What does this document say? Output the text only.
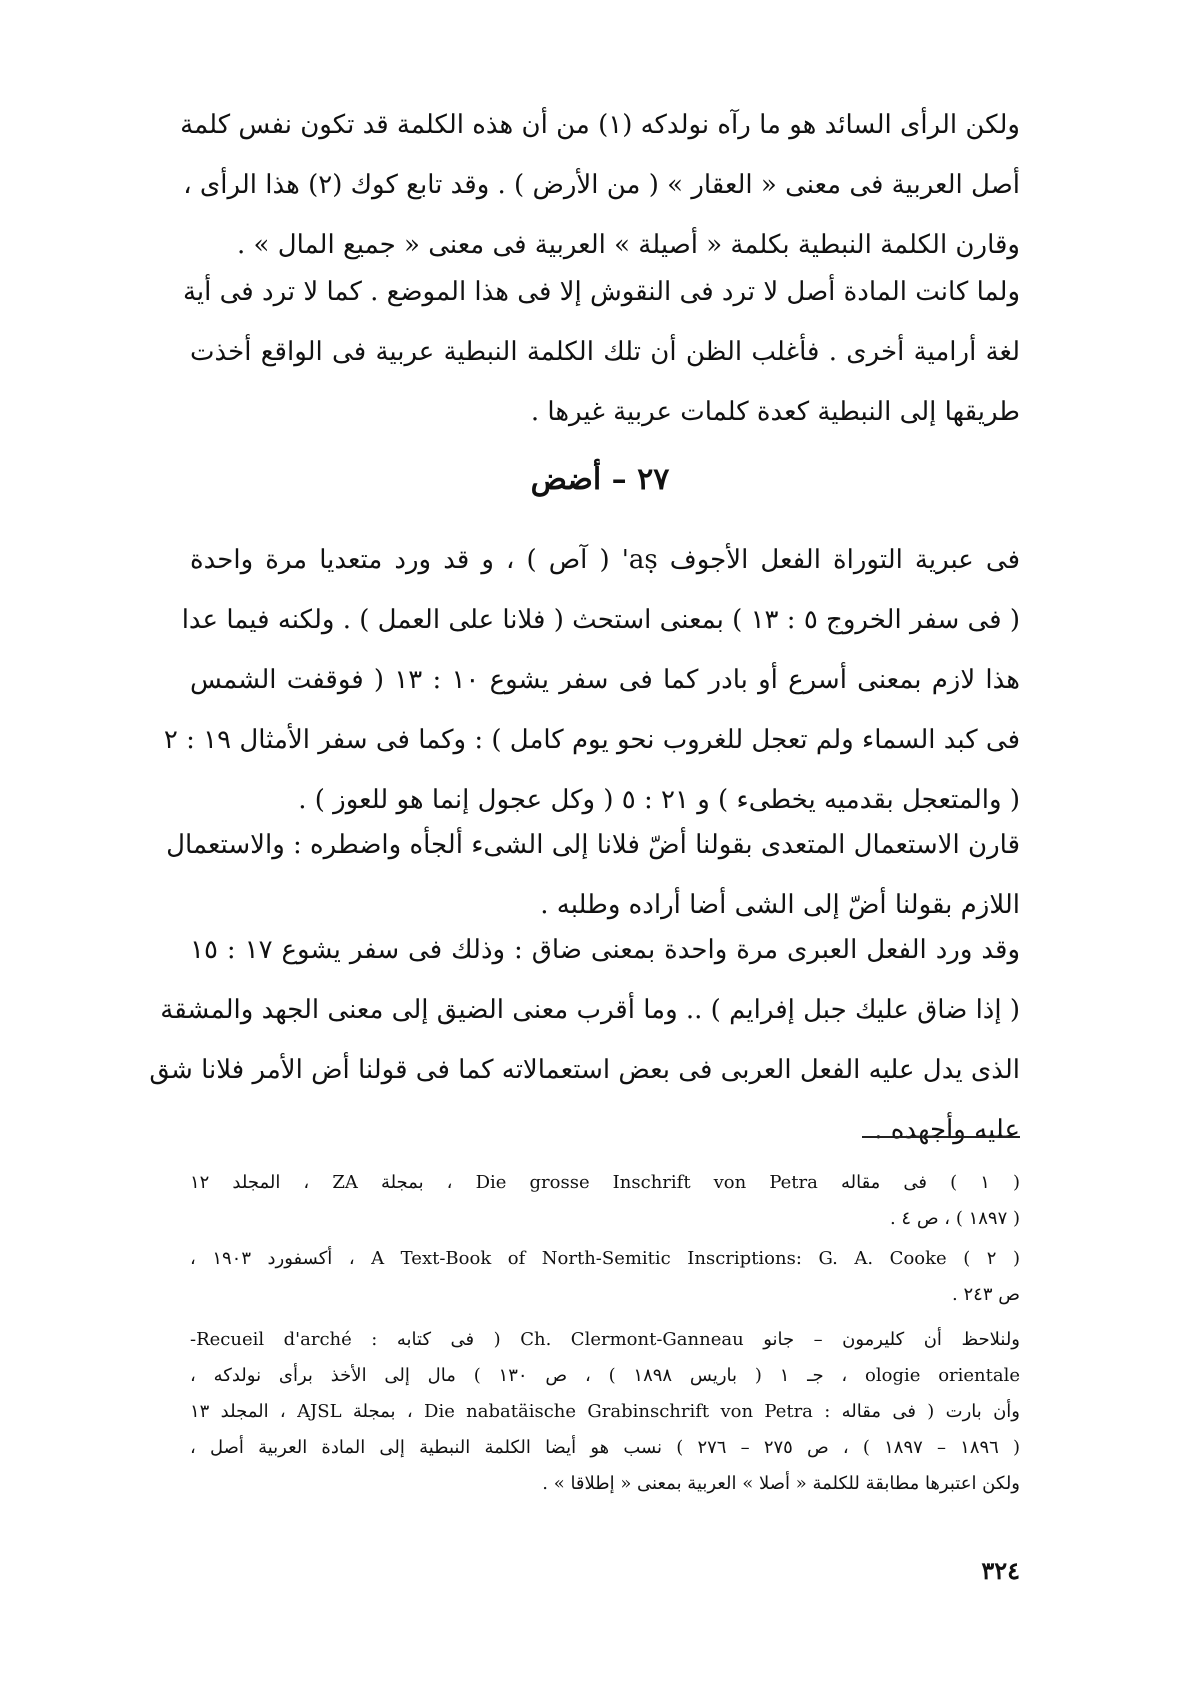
ولكن الرأى السائد هو ما رآه نولدكه (١) من أن هذه الكلمة قد تكون نفس كلمة
أصل العربية فى معنى « العقار » ( من الأرض ) . وقد تابع كوك (٢) هذا الرأى ،
وقارن الكلمة النبطية بكلمة « أصيلة » العربية فى معنى « جميع المال » .
ولما كانت المادة أصل لا ترد فى النقوش إلا فى هذا الموضع . كما لا ترد فى أية
لغة أرامية أخرى . فأغلب الظن أن تلك الكلمة النبطية عربية فى الواقع أخذت
طريقها إلى النبطية كعدة كلمات عربية غيرها .
٢٧ – أضض
فى عبرية التوراة الفعل الأجوف aṣ' ( آص ) ، و قد ورد متعديا مرة واحدة
( فى سفر الخروج ٥ : ١٣ ) بمعنى استحث ( فلانا على العمل ) . ولكنه فيما عدا
هذا لازم بمعنى أسرع أو بادر كما فى سفر يشوع ١٠ : ١٣ ( فوقفت الشمس
فى كبد السماء ولم تعجل للغروب نحو يوم كامل ) : وكما فى سفر الأمثال ١٩ : ٢
( والمتعجل بقدميه يخطىء ) و ٢١ : ٥ ( وكل عجول إنما هو للعوز ) .
قارن الاستعمال المتعدى بقولنا أضّ فلانا إلى الشىء ألجأه واضطره : والاستعمال
اللازم بقولنا أضّ إلى الشى أضا أراده وطلبه .
وقد ورد الفعل العبرى مرة واحدة بمعنى ضاق : وذلك فى سفر يشوع ١٧ : ١٥
( إذا ضاق عليك جبل إفرايم ) .. وما أقرب معنى الضيق إلى معنى الجهد والمشقة
الذى يدل عليه الفعل العربى فى بعض استعمالاته كما فى قولنا أض الأمر فلانا شق
عليه وأجهده .
( ١ ) فى مقاله Die grosse Inschrift von Petra ، بمجلة ZA ، المجلد ١٢
( ١٨٩٧ ) ، ص ٤ .
( ٢ ) A Text-Book of North-Semitic Inscriptions: G. A. Cooke ، أكسفورد ١٩٠٣ ،
ص ٢٤٣ .
ولنلاحظ أن كليرمون – جانو Ch. Clermont-Ganneau ( فى كتابه : Recueil d'arché-
ologie orientale ، جـ ١ ( باريس ١٨٩٨ ) ، ص ١٣٠ ) مال إلى الأخذ برأى نولدكه ،
وأن بارت ( فى مقاله : Die nabatäische Grabinschrift von Petra ، بمجلة AJSL ، المجلد ١٣
( ١٨٩٦ – ١٨٩٧ ) ، ص ٢٧٥ – ٢٧٦ ) نسب هو أيضا الكلمة النبطية إلى المادة العربية أصل ،
ولكن اعتبرها مطابقة للكلمة « أصلا » العربية بمعنى « إطلاقا » .
٣٢٤
